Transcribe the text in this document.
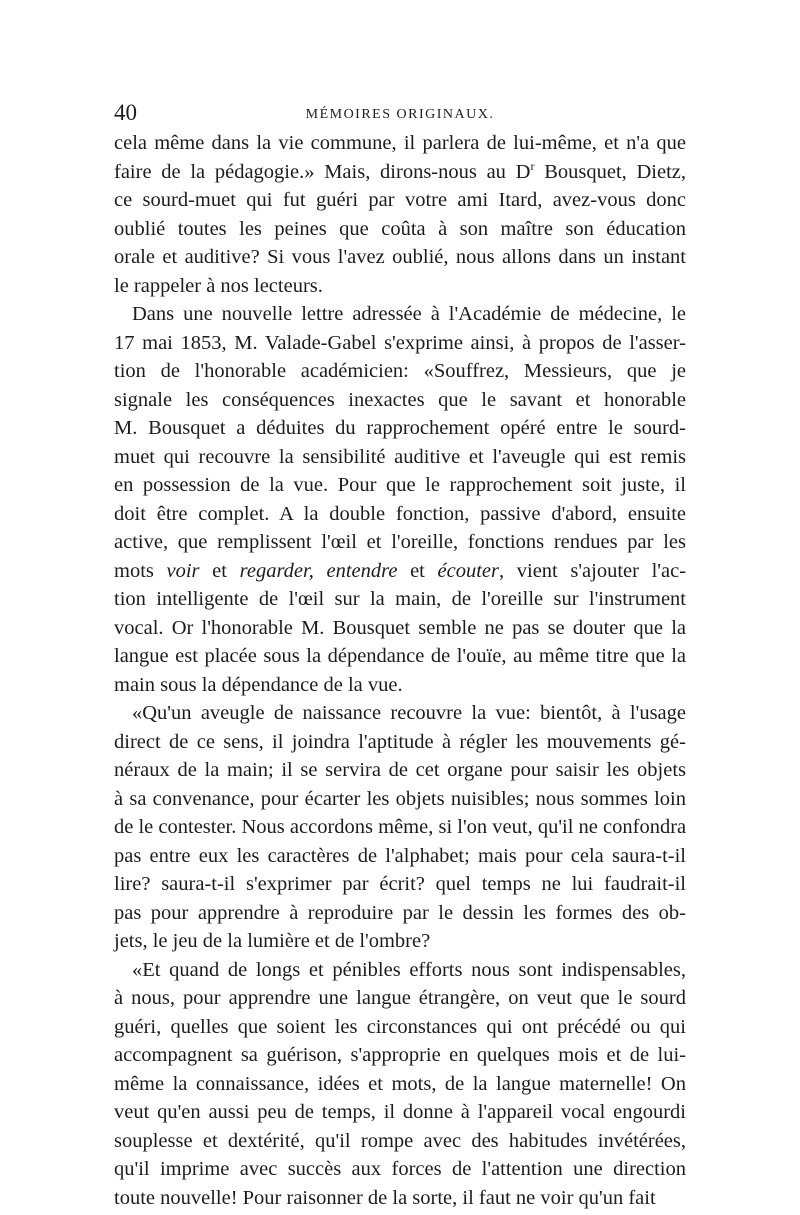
40	MÉMOIRES ORIGINAUX.
cela même dans la vie commune, il parlera de lui-même, et n'a que
faire de la pédagogie.» Mais, dirons-nous au $D^r$ Bousquet, Dietz,
ce sourd-muet qui fut guéri par votre ami Itard, avez-vous donc
oublié toutes les peines que coûta à son maître son éducation
orale et auditive? Si vous l'avez oublié, nous allons dans un instant
le rappeler à nos lecteurs.
Dans une nouvelle lettre adressée à l'Académie de médecine, le
17 mai 1853, M. Valade-Gabel s'exprime ainsi, à propos de l'asser-
tion de l'honorable académicien: «Souffrez, Messieurs, que je
signale les conséquences inexactes que le savant et honorable
M. Bousquet a déduites du rapprochement opéré entre le sourd-
muet qui recouvre la sensibilité auditive et l'aveugle qui est remis
en possession de la vue. Pour que le rapprochement soit juste, il
doit être complet. A la double fonction, passive d'abord, ensuite
active, que remplissent l'œil et l'oreille, fonctions rendues par les
mots voir et regarder, entendre et écouter, vient s'ajouter l'ac-
tion intelligente de l'œil sur la main, de l'oreille sur l'instrument
vocal. Or l'honorable M. Bousquet semble ne pas se douter que la
langue est placée sous la dépendance de l'ouïe, au même titre que la
main sous la dépendance de la vue.
«Qu'un aveugle de naissance recouvre la vue: bientôt, à l'usage
direct de ce sens, il joindra l'aptitude à régler les mouvements gé-
néraux de la main; il se servira de cet organe pour saisir les objets
à sa convenance, pour écarter les objets nuisibles; nous sommes loin
de le contester. Nous accordons même, si l'on veut, qu'il ne confondra
pas entre eux les caractères de l'alphabet; mais pour cela saura-t-il
lire? saura-t-il s'exprimer par écrit? quel temps ne lui faudrait-il
pas pour apprendre à reproduire par le dessin les formes des ob-
jets, le jeu de la lumière et de l'ombre?
«Et quand de longs et pénibles efforts nous sont indispensables,
à nous, pour apprendre une langue étrangère, on veut que le sourd
guéri, quelles que soient les circonstances qui ont précédé ou qui
accompagnent sa guérison, s'approprie en quelques mois et de lui-
même la connaissance, idées et mots, de la langue maternelle! On
veut qu'en aussi peu de temps, il donne à l'appareil vocal engourdi
souplesse et dextérité, qu'il rompe avec des habitudes invétérées,
qu'il imprime avec succès aux forces de l'attention une direction
toute nouvelle! Pour raisonner de la sorte, il faut ne voir qu'un fait
